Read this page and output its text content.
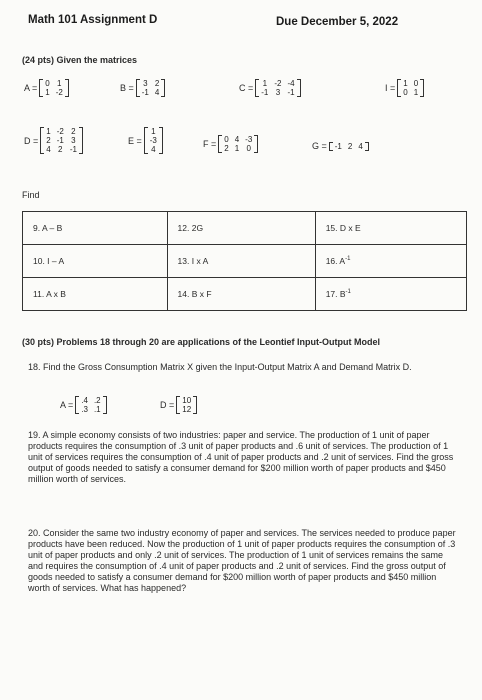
Math 101 Assignment D	Due December 5, 2022
(24 pts) Given the matrices
A = 0	1
1	-2	B = 3	2
-1	4	C = 1	-2	-4
-1	3	-1	I = 1	0
0	1
D =
1	-2	2
2	-1	3
4	2	-1
E =
1
-3
4
F = 0	4	-3
2	1	0	G = -1	2	4
Find
9. A – B	12. 2G	15. D x E
10. I – A	13. I x A	16. $A^{-1}$
11. A x B	14. B x F	17. $B^{-1}$
(30 pts) Problems 18 through 20 are applications of the Leontief Input-Output Model
18. Find the Gross Consumption Matrix X given the Input-Output Matrix A and Demand Matrix D.
A = .4	.2
.3	.1	D = 10
12
19. A simple economy consists of two industries: paper and service. The production of 1 unit of paper products requires the consumption of .3 unit of paper products and .6 unit of services. The production of 1 unit of services requires the consumption of .4 unit of paper products and .2 unit of services. Find the gross output of goods needed to satisfy a consumer demand for $200 million worth of paper products and $450 million worth of services.
20. Consider the same two industry economy of paper and services. The services needed to produce paper products have been reduced. Now the production of 1 unit of paper products requires the consumption of .3 unit of paper products and only .2 unit of services. The production of 1 unit of services remains the same and requires the consumption of .4 unit of paper products and .2 unit of services. Find the gross output of goods needed to satisfy a consumer demand for $200 million worth of paper products and $450 million worth of services. What has happened?
